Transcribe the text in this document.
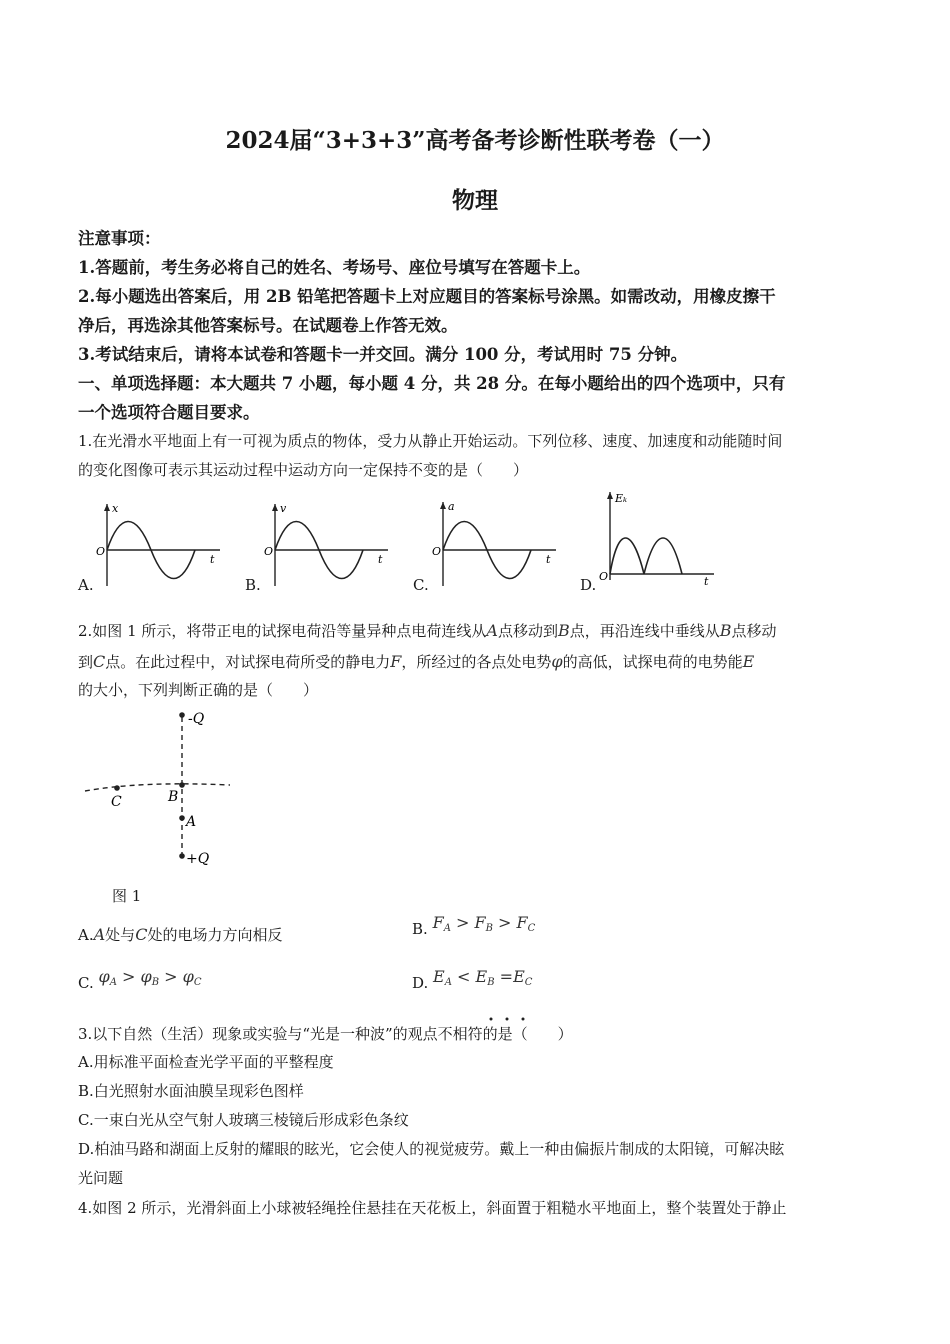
2024届“3+3+3”高考备考诊断性联考卷（一）
物理
注意事项：
1.答题前，考生务必将自己的姓名、考场号、座位号填写在答题卡上。
2.每小题选出答案后，用 2B 铅笔把答题卡上对应题目的答案标号涂黑。如需改动，用橡皮擦干
净后，再选涂其他答案标号。在试题卷上作答无效。
3.考试结束后，请将本试卷和答题卡一并交回。满分 100 分，考试用时 75 分钟。
一、单项选择题：本大题共 7 小题，每小题 4 分，共 28 分。在每小题给出的四个选项中，只有
一个选项符合题目要求。
1.在光滑水平地面上有一可视为质点的物体，受力从静止开始运动。下列位移、速度、加速度和动能随时间
的变化图像可表示其运动过程中运动方向一定保持不变的是（　　）
x
O
t
A.
v
O
t
B.
a
O
t
C.
Eₖ
O	t
D.
2.如图 1 所示，将带正电的试探电荷沿等量异种点电荷连线从A点移动到B点，再沿连线中垂线从B点移动
到C点。在此过程中，对试探电荷所受的静电力F，所经过的各点处电势φ的高低，试探电荷的电势能E
的大小，下列判断正确的是（　　）
-Q
+Q
C	B
A
图 1
A.A处与C处的电场力方向相反	B. $F_A > F_B > F_C$
C. $\varphi_A > \varphi_B > \varphi_C$	D. $E_A < E_B =E_C$
3.以下自然（生活）现象或实验与“光是一种波”的观点不相符的是（　　）
A.用标准平面检查光学平面的平整程度
B.白光照射水面油膜呈现彩色图样
C.一束白光从空气射人玻璃三棱镜后形成彩色条纹
D.柏油马路和湖面上反射的耀眼的眩光，它会使人的视觉疲劳。戴上一种由偏振片制成的太阳镜，可解决眩
光问题
4.如图 2 所示，光滑斜面上小球被轻绳拴住悬挂在天花板上，斜面置于粗糙水平地面上，整个装置处于静止
